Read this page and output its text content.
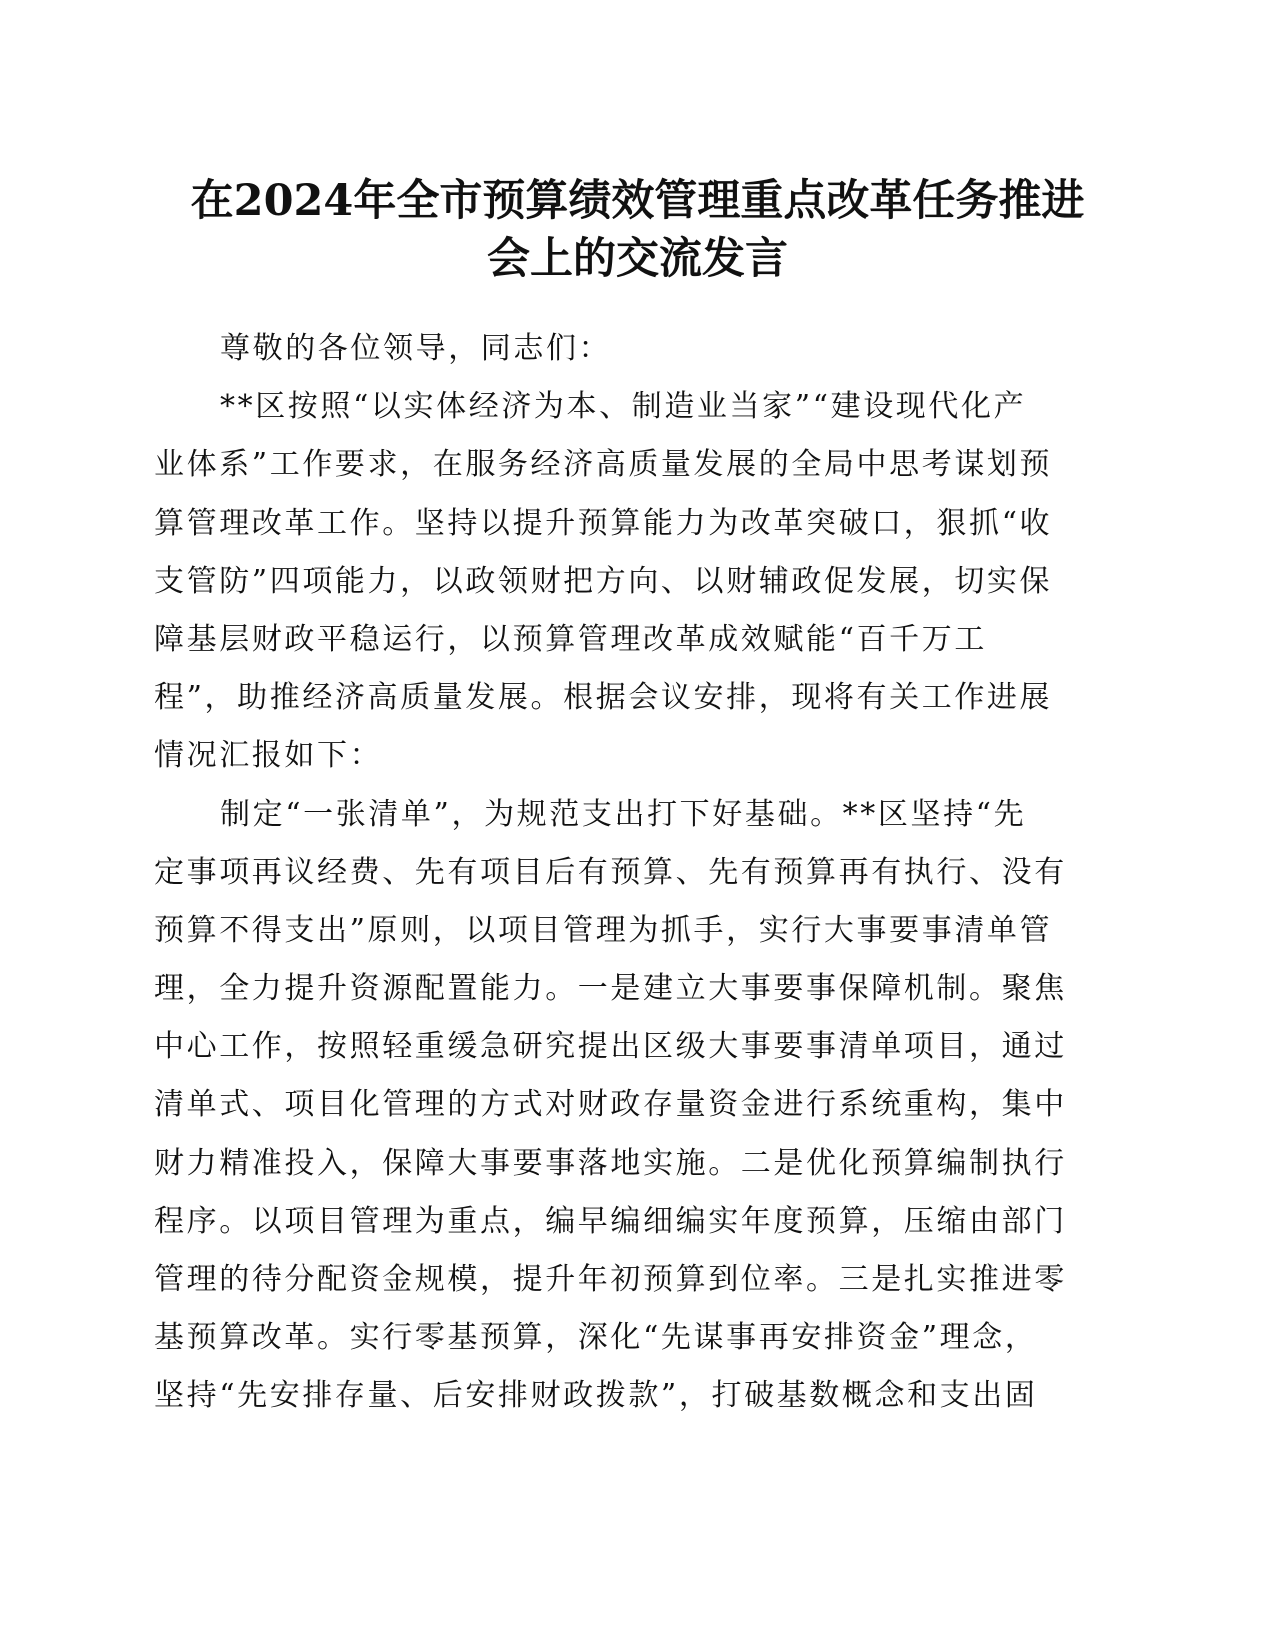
在2024年全市预算绩效管理重点改革任务推进
会上的交流发言
尊敬的各位领导，同志们：
**区按照“以实体经济为本、制造业当家”“建设现代化产
业体系”工作要求，在服务经济高质量发展的全局中思考谋划预
算管理改革工作。坚持以提升预算能力为改革突破口，狠抓“收
支管防”四项能力，以政领财把方向、以财辅政促发展，切实保
障基层财政平稳运行，以预算管理改革成效赋能“百千万工
程”，助推经济高质量发展。根据会议安排，现将有关工作进展
情况汇报如下：
制定“一张清单”，为规范支出打下好基础。**区坚持“先
定事项再议经费、先有项目后有预算、先有预算再有执行、没有
预算不得支出”原则，以项目管理为抓手，实行大事要事清单管
理，全力提升资源配置能力。一是建立大事要事保障机制。聚焦
中心工作，按照轻重缓急研究提出区级大事要事清单项目，通过
清单式、项目化管理的方式对财政存量资金进行系统重构，集中
财力精准投入，保障大事要事落地实施。二是优化预算编制执行
程序。以项目管理为重点，编早编细编实年度预算，压缩由部门
管理的待分配资金规模，提升年初预算到位率。三是扎实推进零
基预算改革。实行零基预算，深化“先谋事再安排资金”理念，
坚持“先安排存量、后安排财政拨款”，打破基数概念和支出固
